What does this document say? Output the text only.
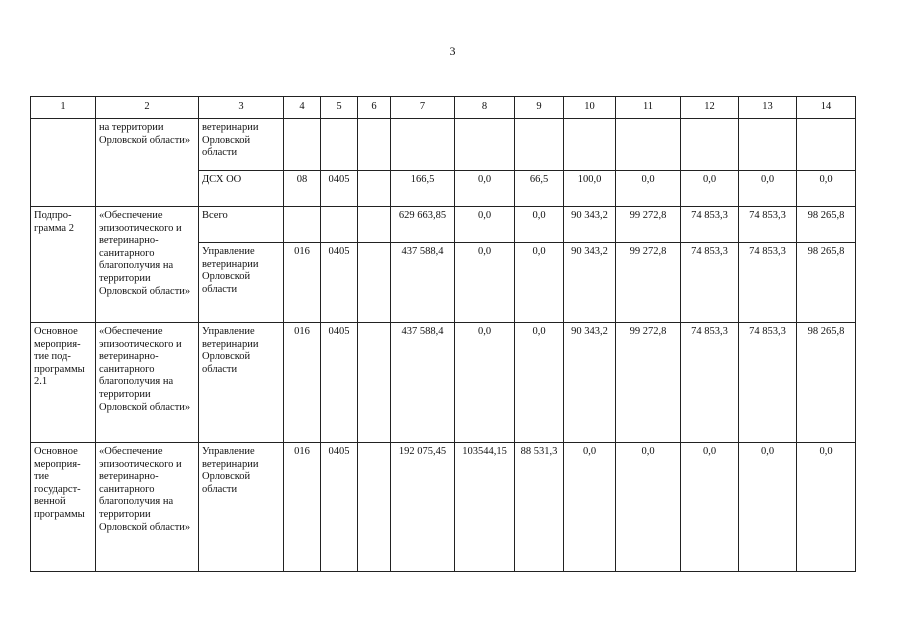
3
1	2	3	4	5	6	7	8	9	10	11	12	13	14
	на территории Орловской области»	ветеринарии Орловской области											
		ДСХ ОО	08	0405		166,5	0,0	66,5	100,0	0,0	0,0	0,0	0,0
Подпро-грамма 2	«Обеспечение эпизоотического и ветеринарно-санитарного благополучия на территории Орловской области»	Всего				629 663,85	0,0	0,0	90 343,2	99 272,8	74 853,3	74 853,3	98 265,8
		Управление ветеринарии Орловской области	016	0405		437 588,4	0,0	0,0	90 343,2	99 272,8	74 853,3	74 853,3	98 265,8
Основное мероприя-тие под-программы 2.1	«Обеспечение эпизоотического и ветеринарно-санитарного благополучия на территории Орловской области»	Управление ветеринарии Орловской области	016	0405		437 588,4	0,0	0,0	90 343,2	99 272,8	74 853,3	74 853,3	98 265,8
Основное мероприя-тие государст-венной программы	«Обеспечение эпизоотического и ветеринарно-санитарного благополучия на территории Орловской области»	Управление ветеринарии Орловской области	016	0405		192 075,45	103544,15	88 531,3	0,0	0,0	0,0	0,0	0,0
